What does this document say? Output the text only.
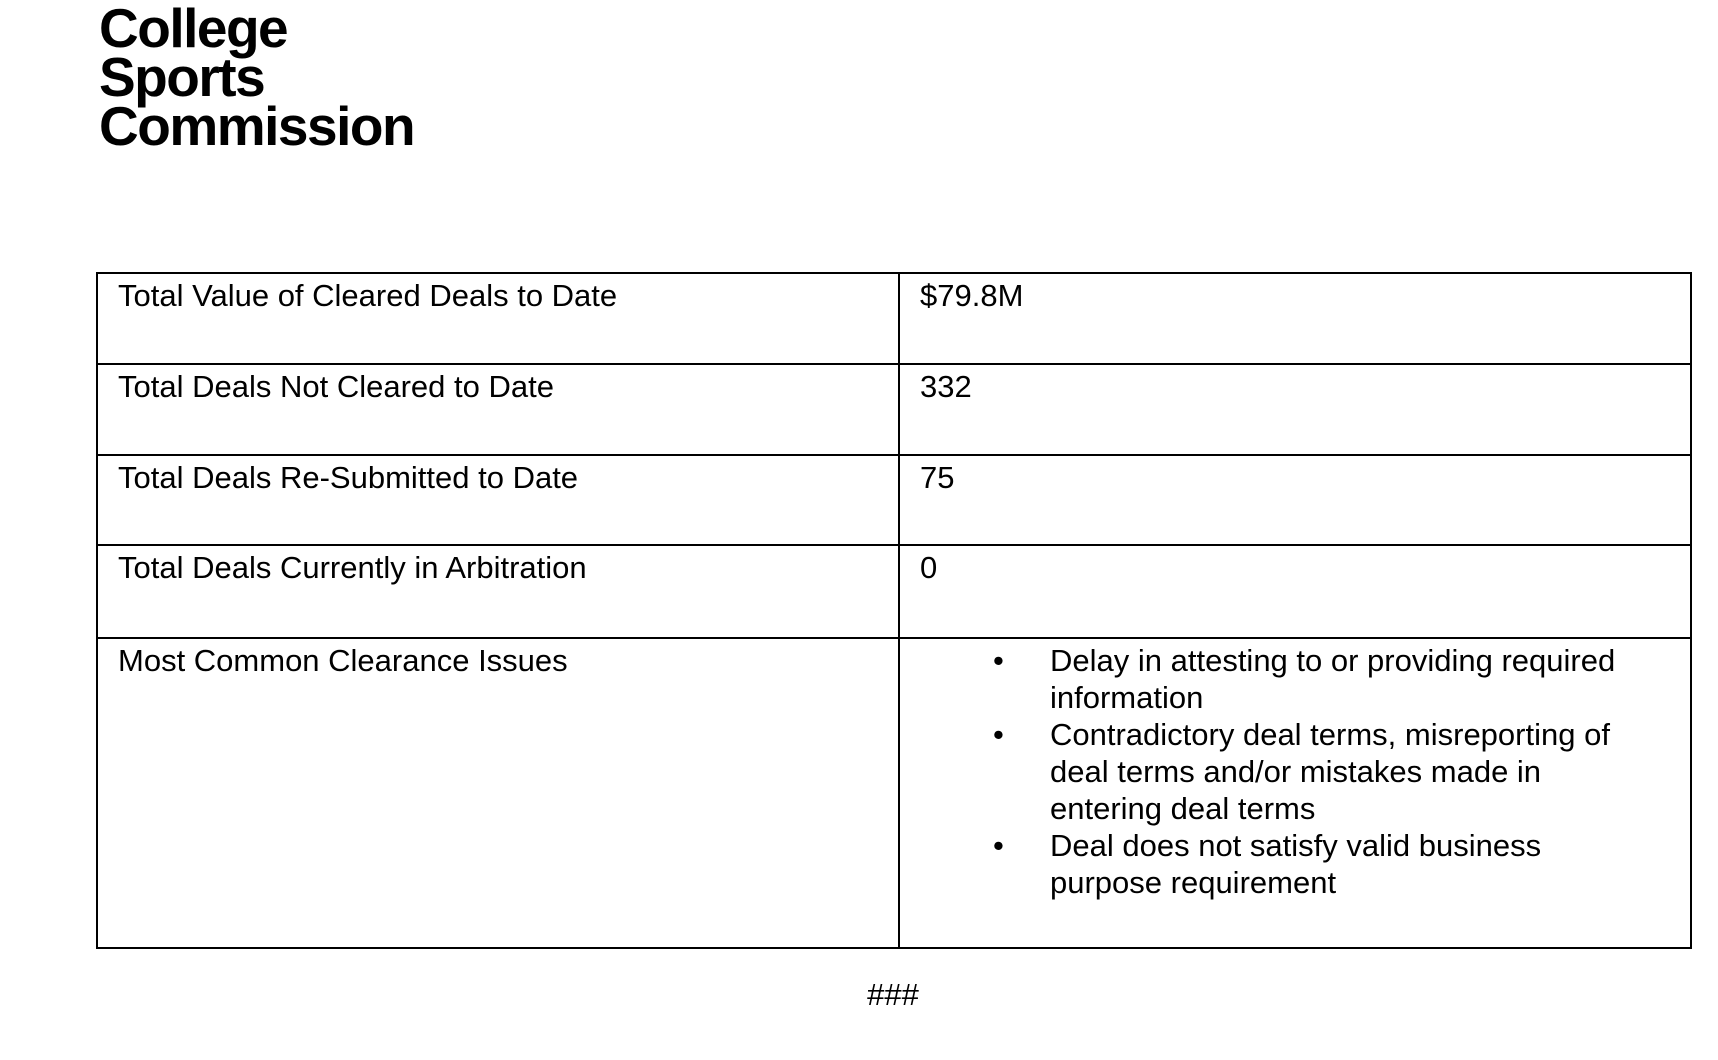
College
Sports
Commission
Total Value of Cleared Deals to Date	$79.8M
Total Deals Not Cleared to Date	332
Total Deals Re-Submitted to Date	75
Total Deals Currently in Arbitration	0
Most Common Clearance Issues	• Delay in attesting to or providing required information
• Contradictory deal terms, misreporting of deal terms and/or mistakes made in entering deal terms
• Deal does not satisfy valid business purpose requirement
###
